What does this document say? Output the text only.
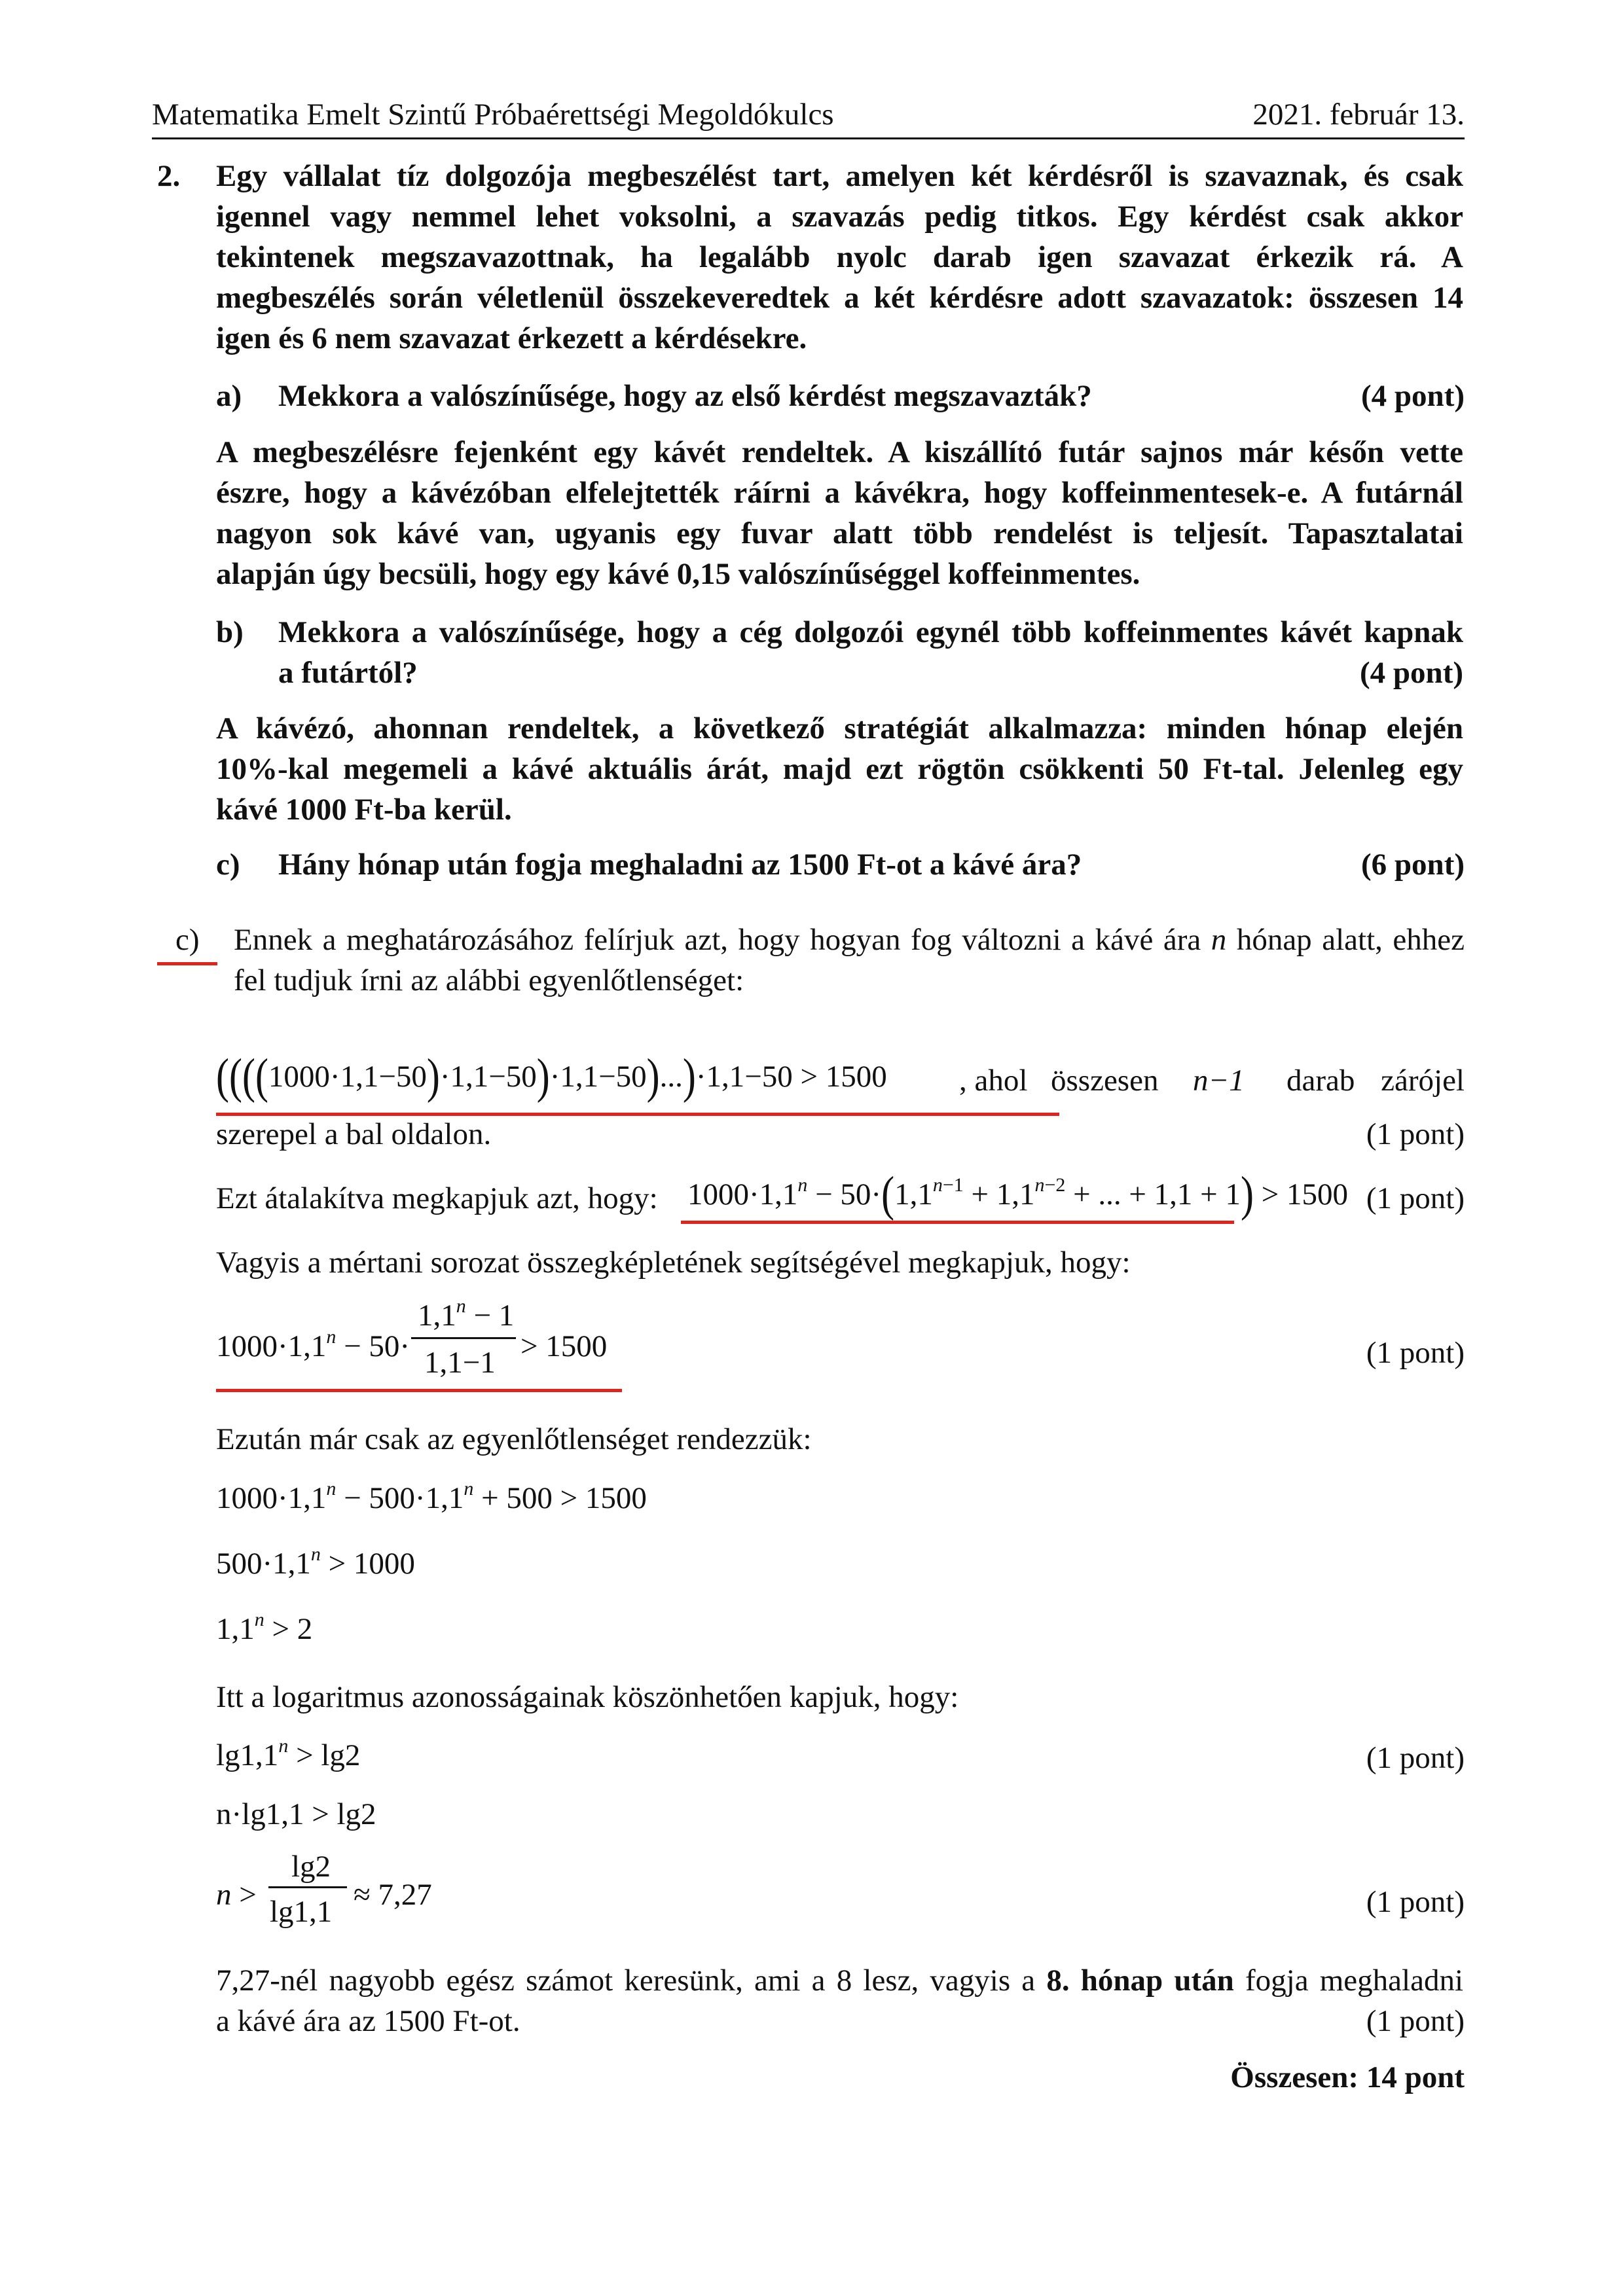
Matematika Emelt Szintű Próbaérettségi Megoldókulcs	2021. február 13.
2. Egy vállalat tíz dolgozója megbeszélést tart, amelyen két kérdésről is szavaznak, és csak
igennel vagy nemmel lehet voksolni, a szavazás pedig titkos. Egy kérdést csak akkor
tekintenek megszavazottnak, ha legalább nyolc darab igen szavazat érkezik rá. A
megbeszélés során véletlenül összekeveredtek a két kérdésre adott szavazatok: összesen 14
igen és 6 nem szavazat érkezett a kérdésekre.
a) Mekkora a valószínűsége, hogy az első kérdést megszavazták?	(4 pont)
A megbeszélésre fejenként egy kávét rendeltek. A kiszállító futár sajnos már későn vette
észre, hogy a kávézóban elfelejtették ráírni a kávékra, hogy koffeinmentesek-e. A futárnál
nagyon sok kávé van, ugyanis egy fuvar alatt több rendelést is teljesít. Tapasztalatai
alapján úgy becsüli, hogy egy kávé 0,15 valószínűséggel koffeinmentes.
b) Mekkora a valószínűsége, hogy a cég dolgozói egynél több koffeinmentes kávét kapnak
a futártól?	(4 pont)
A kávézó, ahonnan rendeltek, a következő stratégiát alkalmazza: minden hónap elején
10%-kal megemeli a kávé aktuális árát, majd ezt rögtön csökkenti 50 Ft-tal. Jelenleg egy
kávé 1000 Ft-ba kerül.
c) Hány hónap után fogja meghaladni az 1500 Ft-ot a kávé ára?	(6 pont)
c) Ennek a meghatározásához felírjuk azt, hogy hogyan fog változni a kávé ára n hónap alatt, ehhez
fel tudjuk írni az alábbi egyenlőtlenséget:
((((1000·1,1−50)·1,1−50)·1,1−50)...)·1,1−50 > 1500 , ahol összesen n−1 darab zárójel
szerepel a bal oldalon.	(1 pont)
Ezt átalakítva megkapjuk azt, hogy: $1000\cdot 1,1^n - 50\cdot(1,1^{n-1} + 1,1^{n-2}$ + ... + 1,1 + 1) > 1500 (1 pont)
Vagyis a mértani sorozat összegképletének segítségével megkapjuk, hogy:
$1000\cdot 1,1^n - 50\cdot$
$1,1^n - 1$
1,1−1 > 1500	(1 pont)
Ezután már csak az egyenlőtlenséget rendezzük:
$1000\cdot 1,1^n - 500\cdot 1,1^n + 500 > 1500$
$500\cdot 1,1^n > 1000$
$1,1^n > 2$
Itt a logaritmus azonosságainak köszönhetően kapjuk, hogy:
$\lg 1,1^n > \lg 2$	(1 pont)
n·lg1,1 > lg2
n >
lg2
lg1,1 ≈ 7,27	(1 pont)
7,27-nél nagyobb egész számot keresünk, ami a 8 lesz, vagyis a 8. hónap után fogja meghaladni
a kávé ára az 1500 Ft-ot.	(1 pont)
Összesen: 14 pont
